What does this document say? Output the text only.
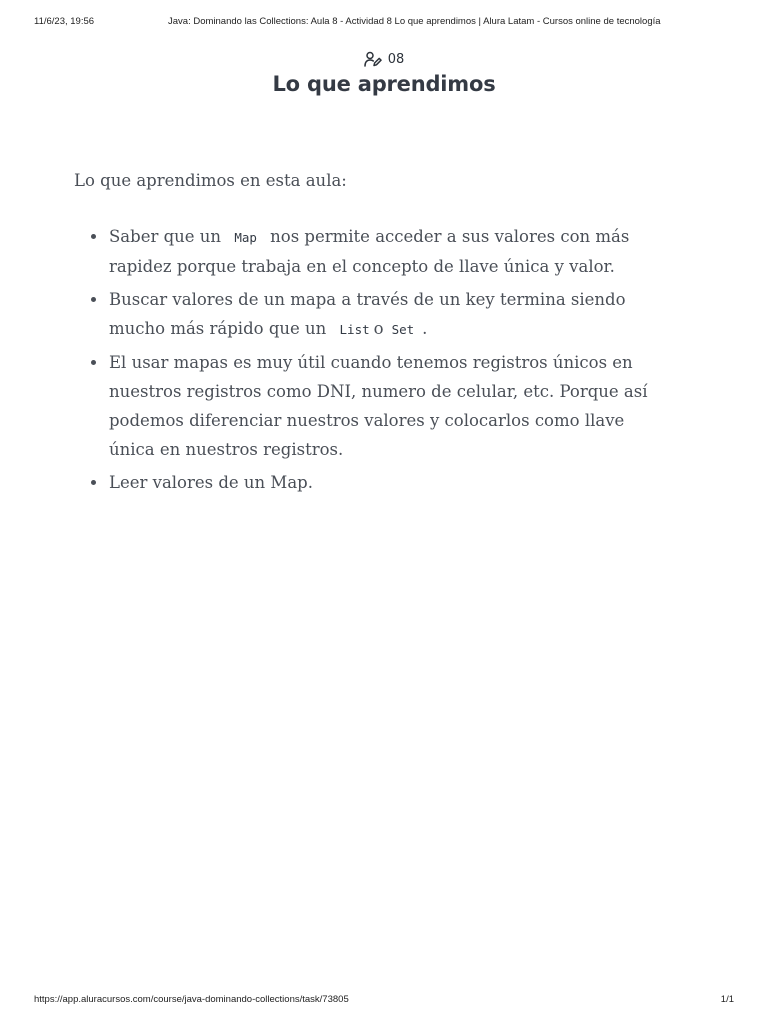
11/6/23, 19:56	Java: Dominando las Collections: Aula 8 - Actividad 8 Lo que aprendimos | Alura Latam - Cursos online de tecnología
08
Lo que aprendimos

Lo que aprendimos en esta aula:

Saber que un Map nos permite acceder a sus valores con más rapidez porque trabaja en el concepto de llave única y valor.
Buscar valores de un mapa a través de un key termina siendo mucho más rápido que un List o Set .
El usar mapas es muy útil cuando tenemos registros únicos en nuestros registros como DNI, numero de celular, etc. Porque así podemos diferenciar nuestros valores y colocarlos como llave única en nuestros registros.
Leer valores de un Map.
https://app.aluracursos.com/course/java-dominando-collections/task/73805	1/1
